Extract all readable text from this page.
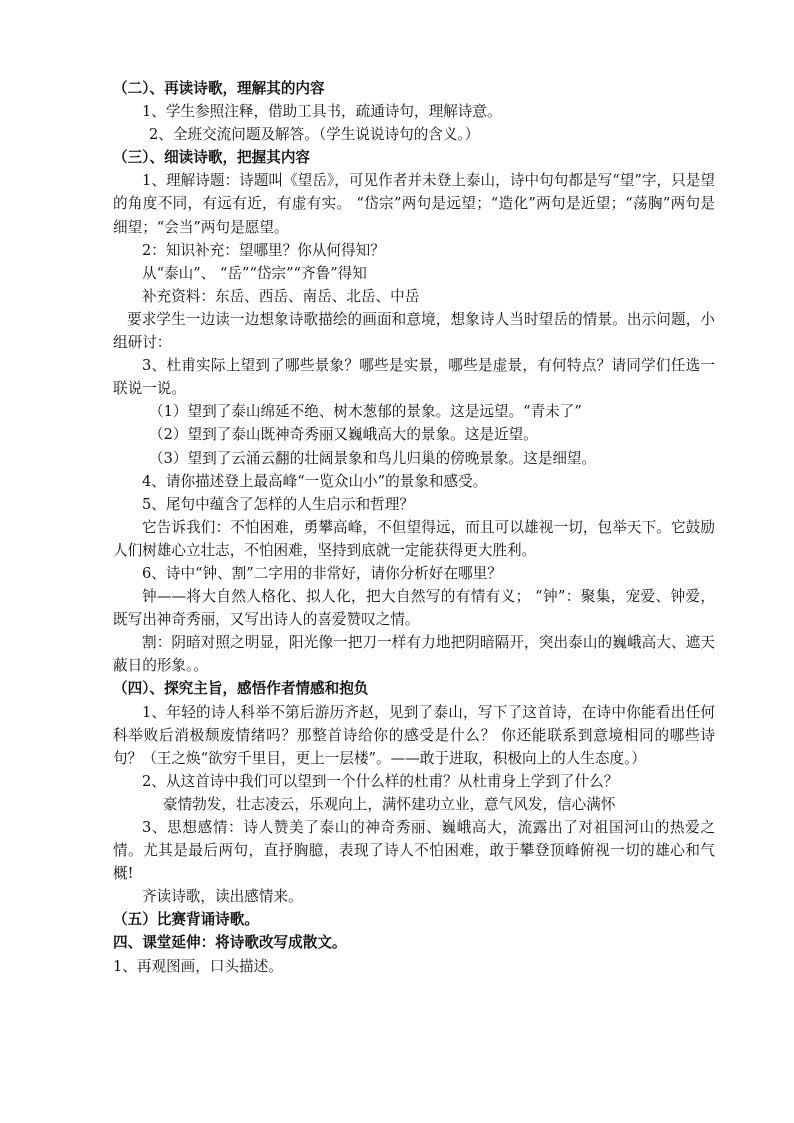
（二）、再读诗歌，理解其的内容

1、学生参照注释，借助工具书，疏通诗句，理解诗意。

2、全班交流问题及解答。（学生说说诗句的含义。）

（三）、细读诗歌，把握其内容

1、理解诗题：诗题叫《望岳》，可见作者并未登上泰山，诗中句句都是写“望”字，只是望的角度不同，有远有近，有虚有实。 “岱宗”两句是远望；“造化”两句是近望；“荡胸”两句是细望；“会当”两句是愿望。

2：知识补充：望哪里？你从何得知？

从“泰山”、 “岳”“岱宗”“齐鲁”得知

补充资料：东岳、西岳、南岳、北岳、中岳

要求学生一边读一边想象诗歌描绘的画面和意境，想象诗人当时望岳的情景。出示问题，小组研讨：

3、杜甫实际上望到了哪些景象？哪些是实景，哪些是虚景，有何特点？请同学们任选一联说一说。

（1）望到了泰山绵延不绝、树木葱郁的景象。这是远望。“青未了”

（2）望到了泰山既神奇秀丽又巍峨高大的景象。这是近望。

（3）望到了云涌云翻的壮阔景象和鸟儿归巢的傍晚景象。这是细望。

4、请你描述登上最高峰“一览众山小”的景象和感受。

5、尾句中蕴含了怎样的人生启示和哲理？

它告诉我们：不怕困难，勇攀高峰，不但望得远，而且可以雄视一切，包举天下。它鼓励人们树雄心立壮志，不怕困难，坚持到底就一定能获得更大胜利。

6、诗中“钟、割”二字用的非常好，请你分析好在哪里？

钟——将大自然人格化、拟人化，把大自然写的有情有义； “钟”：聚集，宠爱、钟爱，既写出神奇秀丽，又写出诗人的喜爱赞叹之情。

割：阴暗对照之明显，阳光像一把刀一样有力地把阴暗隔开，突出泰山的巍峨高大、遮天蔽日的形象。。

（四）、探究主旨，感悟作者情感和抱负

1、年轻的诗人科举不第后游历齐赵，见到了泰山，写下了这首诗，在诗中你能看出任何科举败后消极颓废情绪吗？那整首诗给你的感受是什么？ 你还能联系到意境相同的哪些诗句？（王之焕“欲穷千里目，更上一层楼”。——敢于进取，积极向上的人生态度。）

2、从这首诗中我们可以望到一个什么样的杜甫？从杜甫身上学到了什么？

豪情勃发，壮志凌云，乐观向上，满怀建功立业，意气风发，信心满怀

3、思想感情：诗人赞美了泰山的神奇秀丽、巍峨高大，流露出了对祖国河山的热爱之情。尤其是最后两句，直抒胸臆，表现了诗人不怕困难，敢于攀登顶峰俯视一切的雄心和气概!

齐读诗歌，读出感情来。

（五）比赛背诵诗歌。

四、课堂延伸：将诗歌改写成散文。

1、再观图画，口头描述。
